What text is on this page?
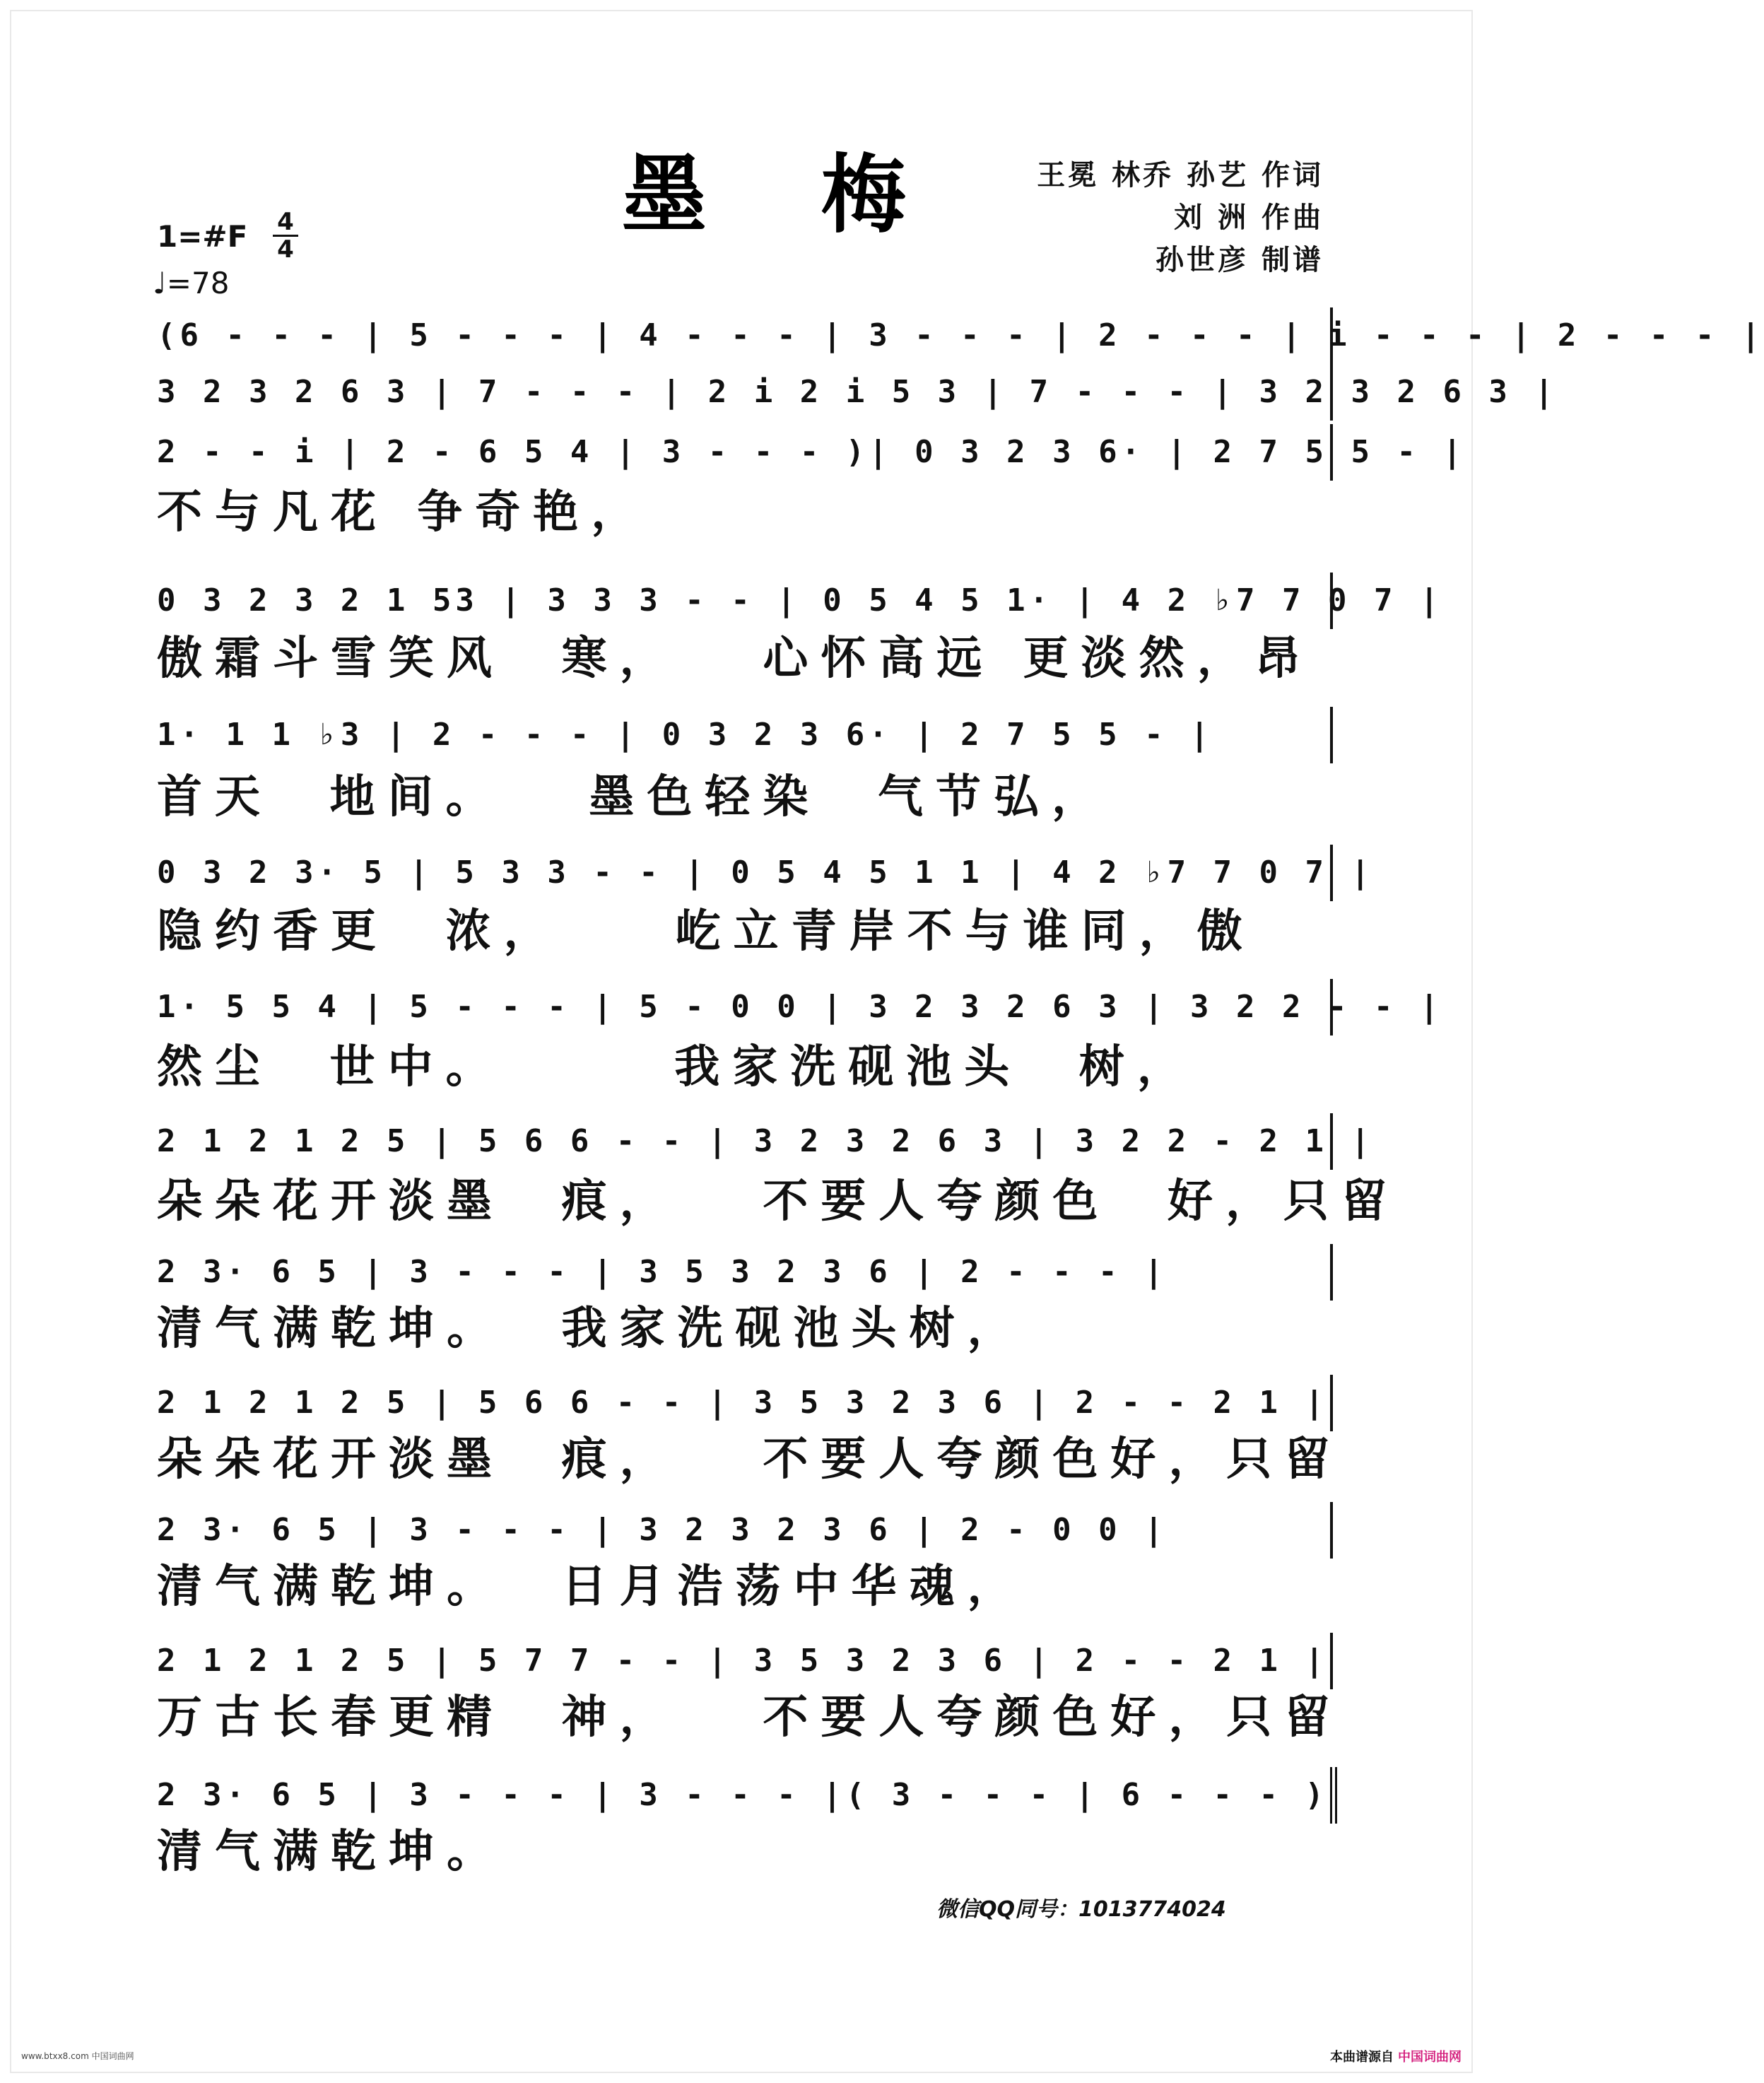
墨 梅	王冕 林乔 孙艺 作词
刘 洲 作曲
孙世彦 制谱
1=#F 4
4
♩=78
(6 - - - | 5 - - - | 4 - - - | 3 - - - | 2 - - - | i - - - | 2 - - - |
3 2 3 2 6 3 | 7 - - - | 2 i 2 i 5 3 | 7 - - - | 3 2 3 2 6 3 |
2 - - i | 2 - 6 5 4 | 3 - - - )| 0 3 2 3 6· | 2 7 5 5 - |
不与凡花 争奇艳，
0 3 2 3 2 1 53 | 3 3 3 - - | 0 5 4 5 1· | 4 2 ♭7 7 0 7 |
傲霜斗雪笑风  寒，   心怀高远 更淡然，昂
1· 1 1 ♭3 | 2 - - - | 0 3 2 3 6· | 2 7 5 5 - |
首天  地间。   墨色轻染  气节弘，
0 3 2 3· 5 | 5 3 3 - - | 0 5 4 5 1 1 | 4 2 ♭7 7 0 7 |
隐约香更  浓，    屹立青岸不与谁同，傲
1· 5 5 4 | 5 - - - | 5 - 0 0 | 3 2 3 2 6 3 | 3 2 2 - - |
然尘  世中。      我家洗砚池头  树，
2 1 2 1 2 5 | 5 6 6 - - | 3 2 3 2 6 3 | 3 2 2 - 2 1 |
朵朵花开淡墨  痕，   不要人夸颜色  好，只留
2 3· 6 5 | 3 - - - | 3 5 3 2 3 6 | 2 - - - |
清气满乾坤。  我家洗砚池头树，
2 1 2 1 2 5 | 5 6 6 - - | 3 5 3 2 3 6 | 2 - - 2 1 |
朵朵花开淡墨  痕，   不要人夸颜色好，只留
2 3· 6 5 | 3 - - - | 3 2 3 2 3 6 | 2 - 0 0 |
清气满乾坤。  日月浩荡中华魂，
2 1 2 1 2 5 | 5 7 7 - - | 3 5 3 2 3 6 | 2 - - 2 1 |
万古长春更精  神，   不要人夸颜色好，只留
2 3· 6 5 | 3 - - - | 3 - - - |( 3 - - - | 6 - - - )
清气满乾坤。
微信QQ同号：1013774024
www.btxx8.com 中国词曲网	本曲谱源自 中国词曲网
